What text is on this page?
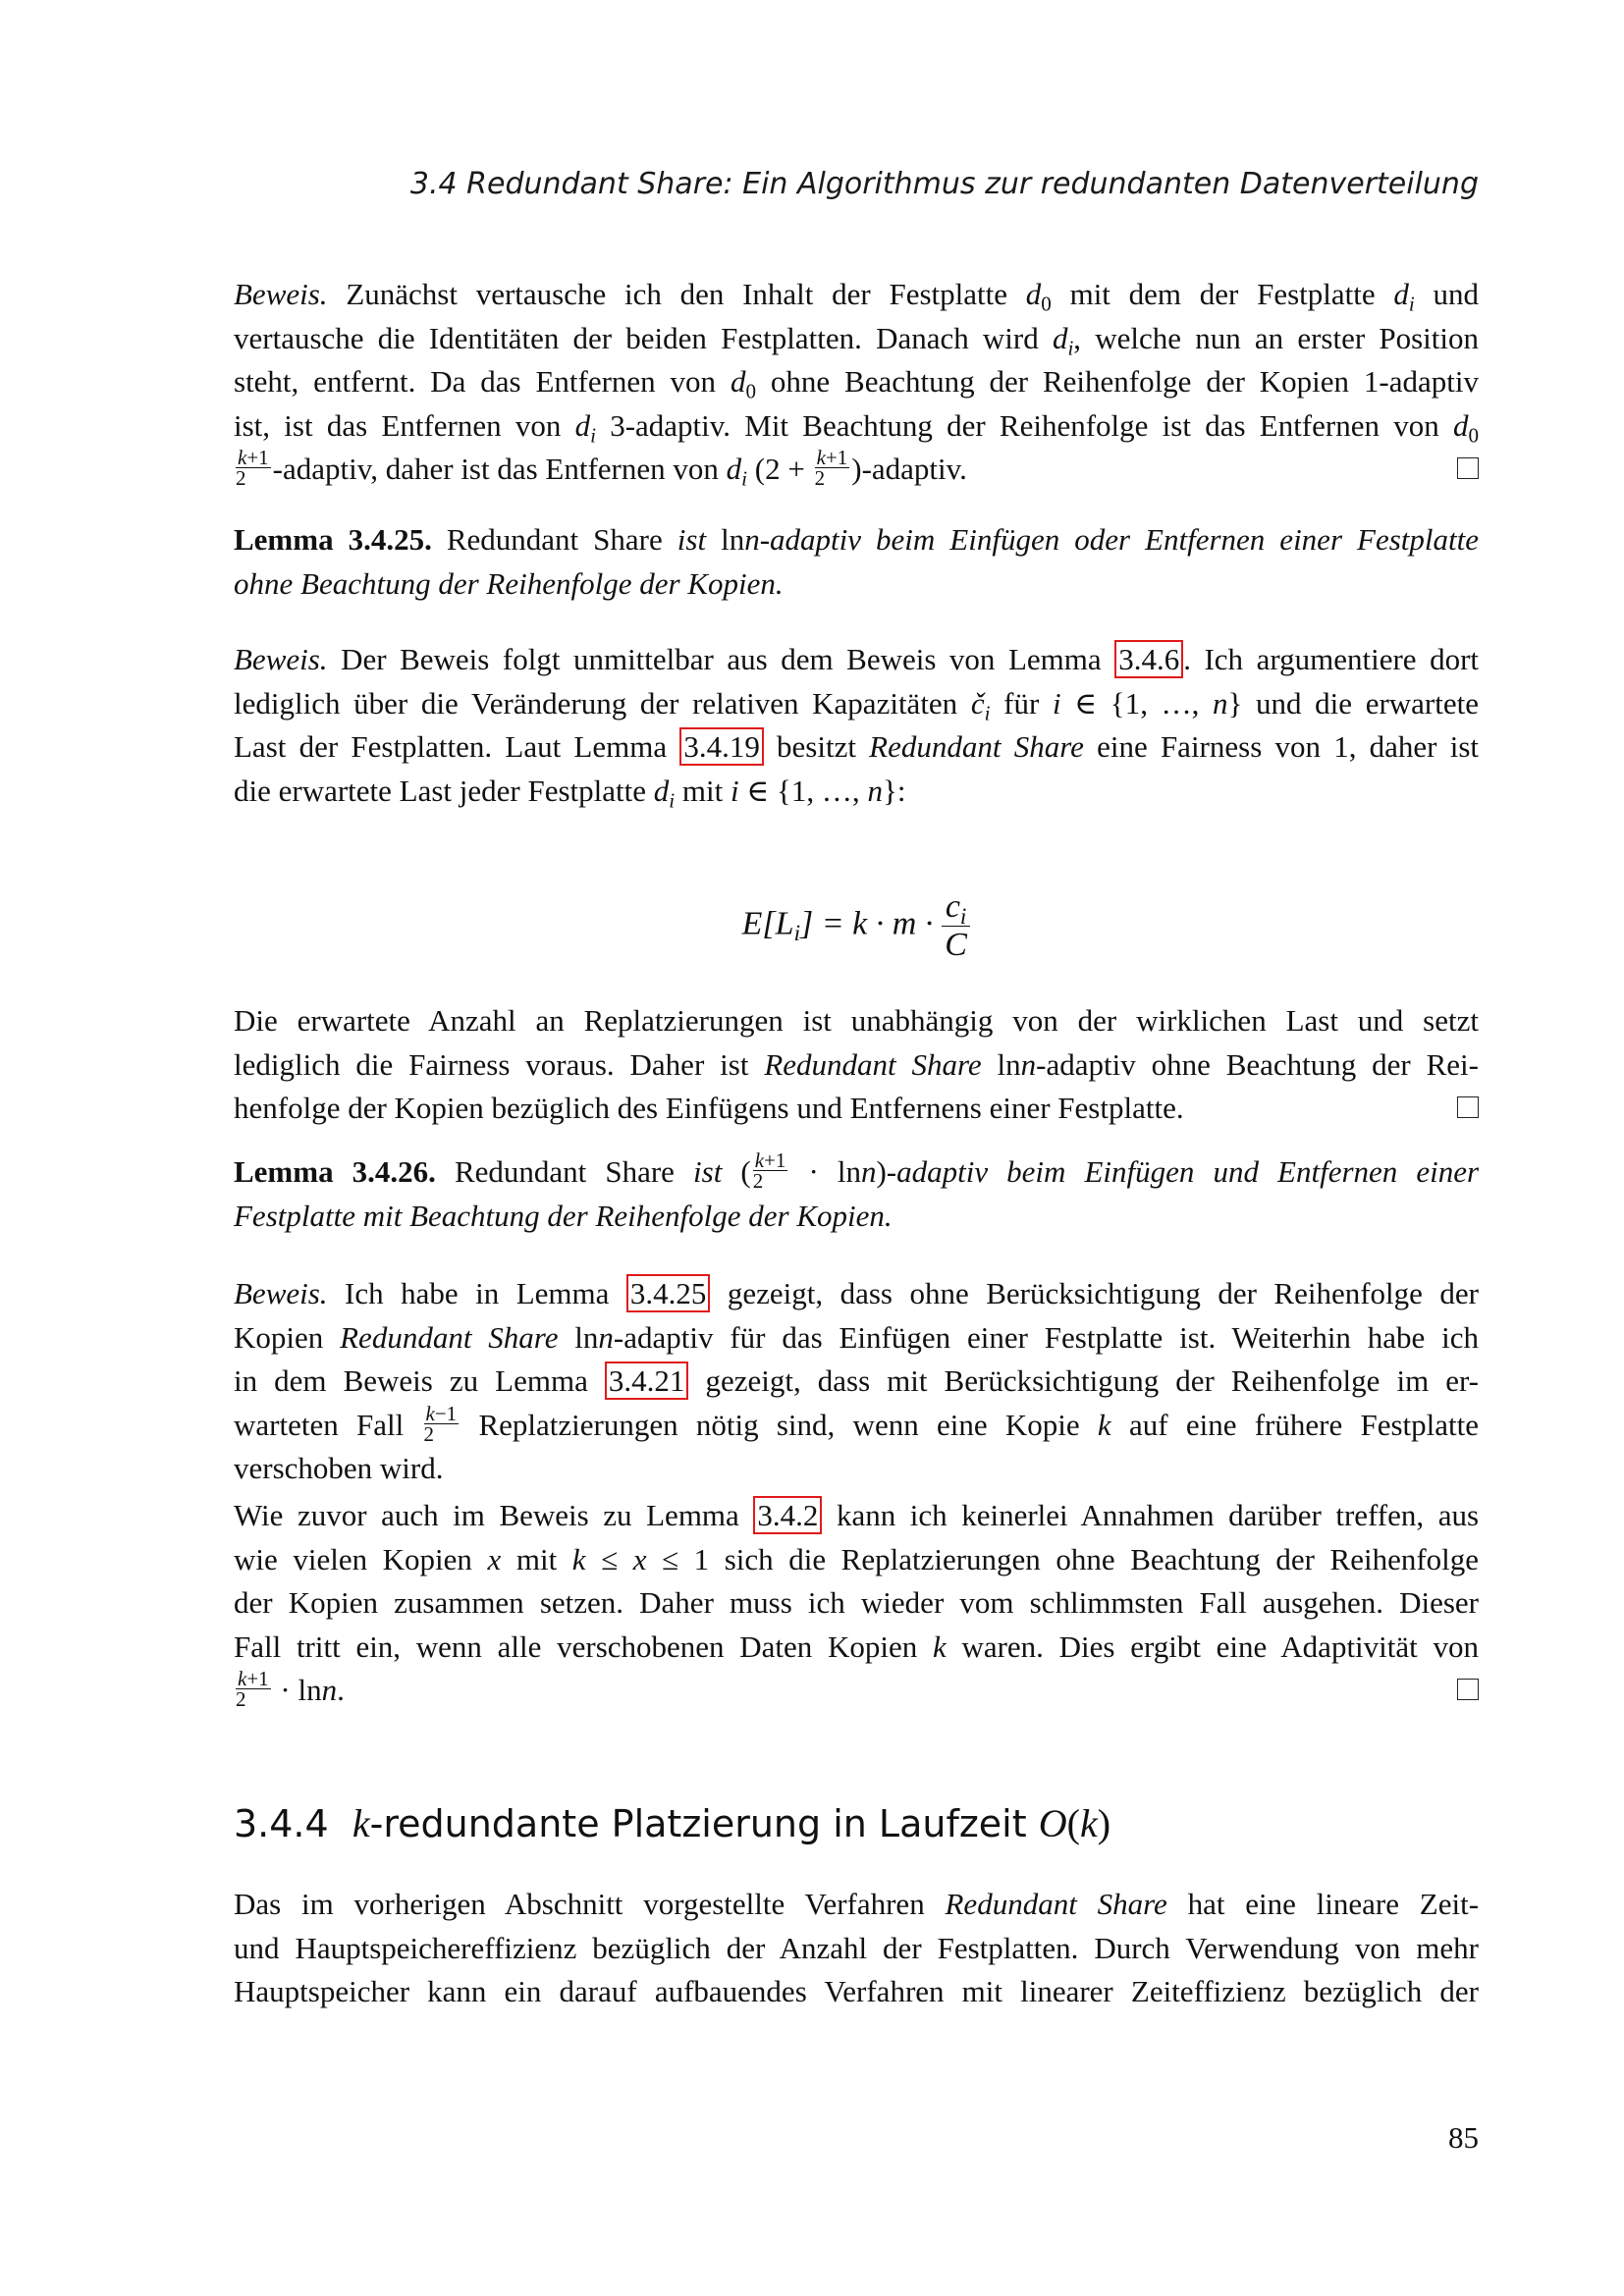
3.4 Redundant Share: Ein Algorithmus zur redundanten Datenverteilung
Beweis. Zunächst vertausche ich den Inhalt der Festplatte $d_0$ mit dem der Festplatte $d_i$ und
vertausche die Identitäten der beiden Festplatten. Danach wird $d_i$, welche nun an erster Position
steht, entfernt. Da das Entfernen von $d_0$ ohne Beachtung der Reihenfolge der Kopien 1-adaptiv
ist, ist das Entfernen von $d_i$ 3-adaptiv. Mit Beachtung der Reihenfolge ist das Entfernen von $d_0$
$\frac{k+1}{2}$ -adaptiv, daher ist das Entfernen von $d_i$ ($2 + \frac{k+1}{2}$ )-adaptiv.
Lemma 3.4.25. Redundant Share ist lnn-adaptiv beim Einfügen oder Entfernen einer Festplatte
ohne Beachtung der Reihenfolge der Kopien.
Beweis. Der Beweis folgt unmittelbar aus dem Beweis von Lemma 3.4.6 . Ich argumentiere dort
lediglich über die Veränderung der relativen Kapazitäten $č_i$ für i ∈ {1, …, n} und die erwartete
Last der Festplatten. Laut Lemma 3.4.19 besitzt Redundant Share eine Fairness von 1, daher ist
die erwartete Last jeder Festplatte $d_i$ mit i ∈ {1, …, n}:
$E[L_i] = k \cdot m \cdot \frac{c_i}{C}$
Die erwartete Anzahl an Replatzierungen ist unabhängig von der wirklichen Last und setzt
lediglich die Fairness voraus. Daher ist Redundant Share lnn-adaptiv ohne Beachtung der Rei-
henfolge der Kopien bezüglich des Einfügens und Entfernens einer Festplatte.
Lemma 3.4.26. Redundant Share ist ( $\frac{k+1}{2}$ · lnn)-adaptiv beim Einfügen und Entfernen einer
Festplatte mit Beachtung der Reihenfolge der Kopien.
Beweis. Ich habe in Lemma 3.4.25 gezeigt, dass ohne Berücksichtigung der Reihenfolge der
Kopien Redundant Share lnn-adaptiv für das Einfügen einer Festplatte ist. Weiterhin habe ich
in dem Beweis zu Lemma 3.4.21 gezeigt, dass mit Berücksichtigung der Reihenfolge im er-
warteten Fall $\frac{k-1}{2}$ Replatzierungen nötig sind, wenn eine Kopie k auf eine frühere Festplatte
verschoben wird.
Wie zuvor auch im Beweis zu Lemma 3.4.2 kann ich keinerlei Annahmen darüber treffen, aus
wie vielen Kopien x mit k ≤ x ≤ 1 sich die Replatzierungen ohne Beachtung der Reihenfolge
der Kopien zusammen setzen. Daher muss ich wieder vom schlimmsten Fall ausgehen. Dieser
Fall tritt ein, wenn alle verschobenen Daten Kopien k waren. Dies ergibt eine Adaptivität von
$\frac{k+1}{2} \cdot \ln n$.
3.4.4 k-redundante Platzierung in Laufzeit O(k)
Das im vorherigen Abschnitt vorgestellte Verfahren Redundant Share hat eine lineare Zeit-
und Hauptspeichereffizienz bezüglich der Anzahl der Festplatten. Durch Verwendung von mehr
Hauptspeicher kann ein darauf aufbauendes Verfahren mit linearer Zeiteffizienz bezüglich der
85
